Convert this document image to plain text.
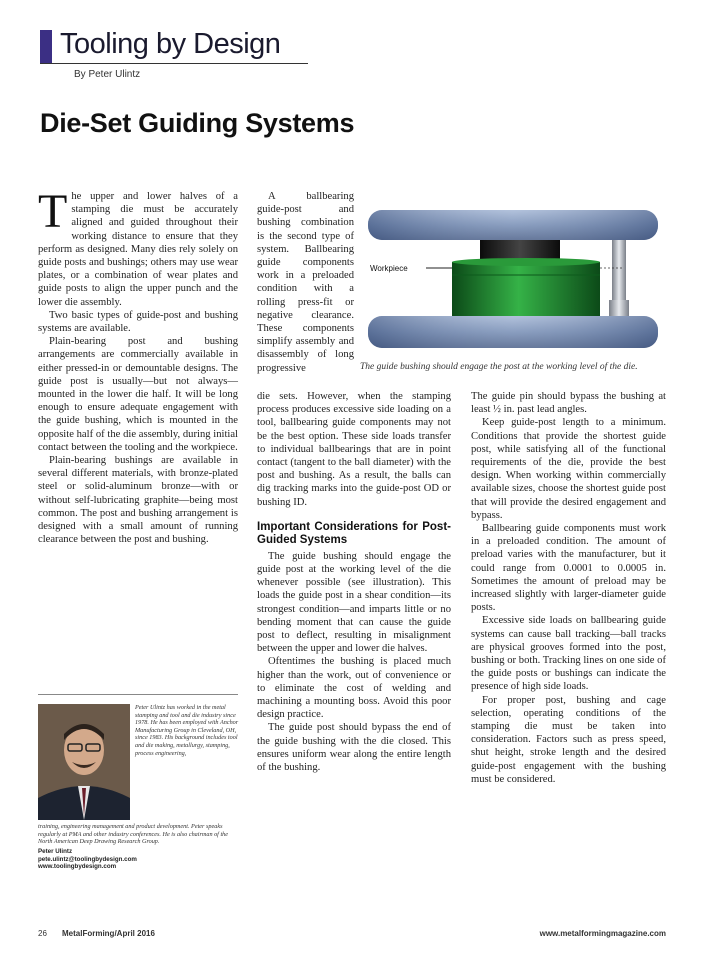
Tooling by Design
By Peter Ulintz
Die-Set Guiding Systems

The upper and lower halves of a stamping die must be accurately aligned and guided throughout their working distance to ensure that they perform as designed. Many dies rely solely on guide posts and bushings; others may use wear plates, or a combination of wear plates and guide posts to align the upper punch and the lower die assembly.

Two basic types of guide-post and bushing systems are available.

Plain-bearing post and bushing arrangements are commercially available in either pressed-in or demountable designs. The guide post is usually—but not always—mounted in the lower die half. It will be long enough to ensure adequate engagement with the guide bushing, which is mounted in the opposite half of the die assembly, during initial contact between the tooling and the workpiece.

Plain-bearing bushings are available in several different materials, with bronze-plated steel or solid-aluminum bronze—with or without self-lubricating graphite—being most common. The post and bushing arrangement is designed with a small amount of running clearance between the post and bushing.

A ballbearing guide-post and bushing combination is the second type of system. Ballbearing guide components work in a preloaded condition with a rolling press-fit or negative clearance. These components simplify assembly and disassembly of long progressive

Workpiece
The guide bushing should engage the post at the working level of the die.

die sets. However, when the stamping process produces excessive side loading on a tool, ballbearing guide components may not be the best option. These side loads transfer to individual ballbearings that are in point contact (tangent to the ball diameter) with the post and bushing. As a result, the balls can dig tracking marks into the guide-post OD or bushing ID.

Important Considerations for Post-Guided Systems

The guide bushing should engage the guide post at the working level of the die whenever possible (see illustration). This loads the guide post in a shear condition—its strongest condition—and imparts little or no bending moment that can cause the guide post to deflect, resulting in misalignment between the upper and lower die halves.

Oftentimes the bushing is placed much higher than the work, out of convenience or to eliminate the cost of welding and machining a mounting boss. Avoid this poor design practice.

The guide post should bypass the end of the guide bushing with the die closed. This ensures uniform wear along the entire length of the bushing.

The guide pin should bypass the bushing at least ½ in. past lead angles.

Keep guide-post length to a minimum. Conditions that provide the shortest guide post, while satisfying all of the functional requirements of the die, provide the best design. When working within commercially available sizes, choose the shortest guide post that will provide the desired engagement and bypass.

Ballbearing guide components must work in a preloaded condition. The amount of preload varies with the manufacturer, but it could range from 0.0001 to 0.0005 in. Sometimes the amount of preload may be increased slightly with larger-diameter guide posts.

Excessive side loads on ballbearing guide systems can cause ball tracking—ball tracks are physical grooves formed into the post, bushing or both. Tracking lines on one side of the guide posts or bushings can indicate the presence of high side loads.

For proper post, bushing and cage selection, operating conditions of the stamping die must be taken into consideration. Factors such as press speed, shut height, stroke length and the desired guide-post engagement with the bushing must be considered.

Peter Ulintz has worked in the metal stamping and tool and die industry since 1978. He has been employed with Anchor Manufacturing Group in Cleveland, OH, since 1983. His background includes tool and die making, metallurgy, stamping, process engineering,
training, engineering management and product development. Peter speaks regularly at PMA and other industry conferences. He is also chairman of the North American Deep Drawing Research Group.
Peter Ulintz
pete.ulintz@toolingbydesign.com
www.toolingbydesign.com
26 MetalForming/April 2016	www.metalformingmagazine.com
